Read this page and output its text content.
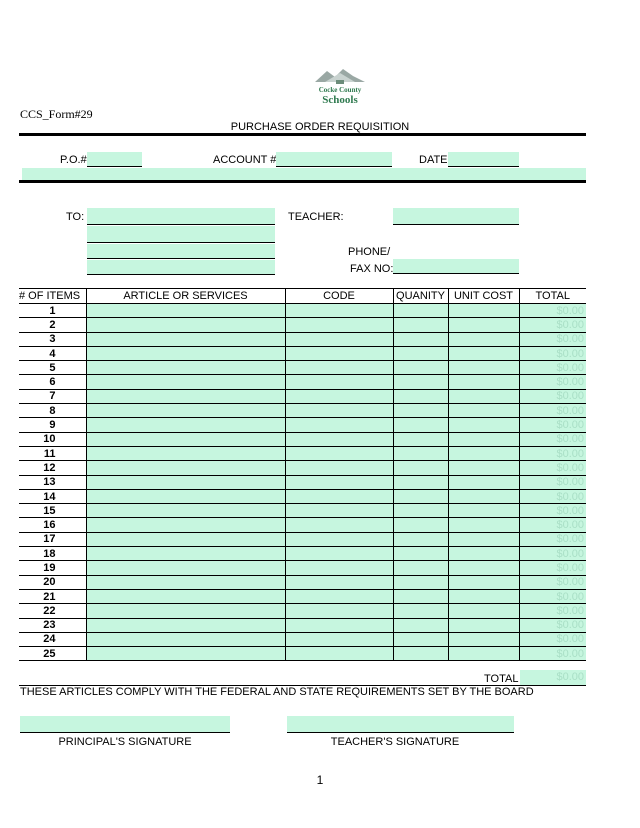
Cocke County
Schools
CCS_Form#29
PURCHASE ORDER REQUISITION
P.O.#	ACCOUNT #	DATE
TO:	TEACHER:
PHONE/
FAX NO:
# OF ITEMS	ARTICLE OR SERVICES	CODE	QUANITY	UNIT COST	TOTAL
1					$0.00
2					$0.00
3					$0.00
4					$0.00
5					$0.00
6					$0.00
7					$0.00
8					$0.00
9					$0.00
10					$0.00
11					$0.00
12					$0.00
13					$0.00
14					$0.00
15					$0.00
16					$0.00
17					$0.00
18					$0.00
19					$0.00
20					$0.00
21					$0.00
22					$0.00
23					$0.00
24					$0.00
25					$0.00
TOTAL	$0.00
THESE ARTICLES COMPLY WITH THE FEDERAL AND STATE REQUIREMENTS SET BY THE BOARD
PRINCIPAL'S SIGNATURE	TEACHER'S SIGNATURE
1
